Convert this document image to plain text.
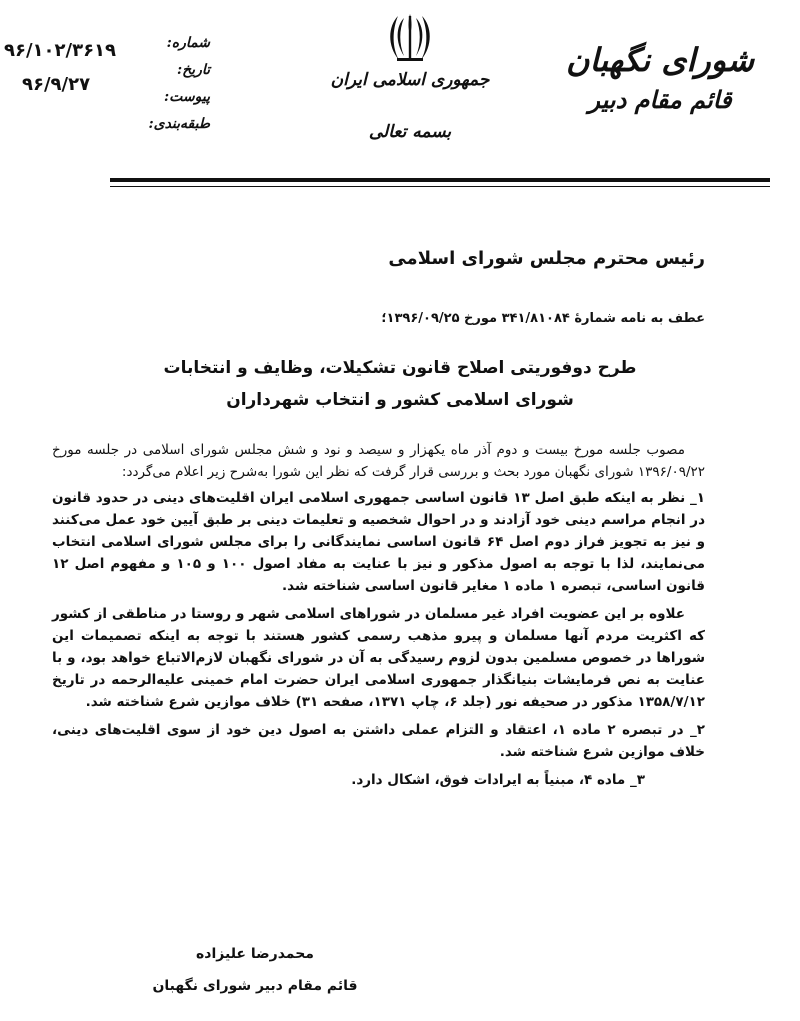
شورای نگهبان
قائم مقام دبیر
جمهوری اسلامی ایران
بسمه تعالی
شماره:
تاریخ:
پیوست:
طبقه‌بندی:
۹۶/۱۰۲/۳۶۱۹
۹۶/۹/۲۷
رئیس محترم مجلس شورای اسلامی
عطف به نامه شمارهٔ ۳۴۱/۸۱۰۸۴ مورخ ۱۳۹۶/۰۹/۲۵؛
طرح دوفوریتی اصلاح قانون تشکیلات، وظایف و انتخابات
شورای اسلامی کشور و انتخاب شهرداران

مصوب جلسه مورخ بیست و دوم آذر ماه یکهزار و سیصد و نود و شش مجلس شورای اسلامی در جلسه مورخ ۱۳۹۶/۰۹/۲۲ شورای نگهبان مورد بحث و بررسی قرار گرفت که نظر این شورا به‌شرح زیر اعلام می‌گردد:

۱_ نظر به اینکه طبق اصل ۱۳ قانون اساسی جمهوری اسلامی ایران اقلیت‌های دینی در حدود قانون در انجام مراسم دینی خود آزادند و در احوال شخصیه و تعلیمات دینی بر طبق آیین خود عمل می‌کنند و نیز به تجویز فراز دوم اصل ۶۴ قانون اساسی نمایندگانی را برای مجلس شورای اسلامی انتخاب می‌نمایند، لذا با توجه به اصول مذکور و نیز با عنایت به مفاد اصول ۱۰۰ و ۱۰۵ و مفهوم اصل ۱۲ قانون اساسی، تبصره ۱ ماده ۱ مغایر قانون اساسی شناخته شد.

علاوه بر این عضویت افراد غیر مسلمان در شوراهای اسلامی شهر و روستا در مناطقی از کشور که اکثریت مردم آنها مسلمان و پیرو مذهب رسمی کشور هستند با توجه به اینکه تصمیمات این شوراها در خصوص مسلمین بدون لزوم رسیدگی به آن در شورای نگهبان لازم‌الاتباع خواهد بود، و با عنایت به نص فرمایشات بنیانگذار جمهوری اسلامی ایران حضرت امام خمینی علیه‌الرحمه در تاریخ ۱۳۵۸/۷/۱۲ مذکور در صحیفه نور (جلد ۶، چاپ ۱۳۷۱، صفحه ۳۱) خلاف موازین شرع شناخته شد.

۲_ در تبصره ۲ ماده ۱، اعتقاد و التزام عملی داشتن به اصول دین خود از سوی اقلیت‌های دینی، خلاف موازین شرع شناخته شد.

۳_ ماده ۴، مبنیاً به ایرادات فوق، اشکال دارد.

محمدرضا علیزاده
قائم مقام دبیر شورای نگهبان
